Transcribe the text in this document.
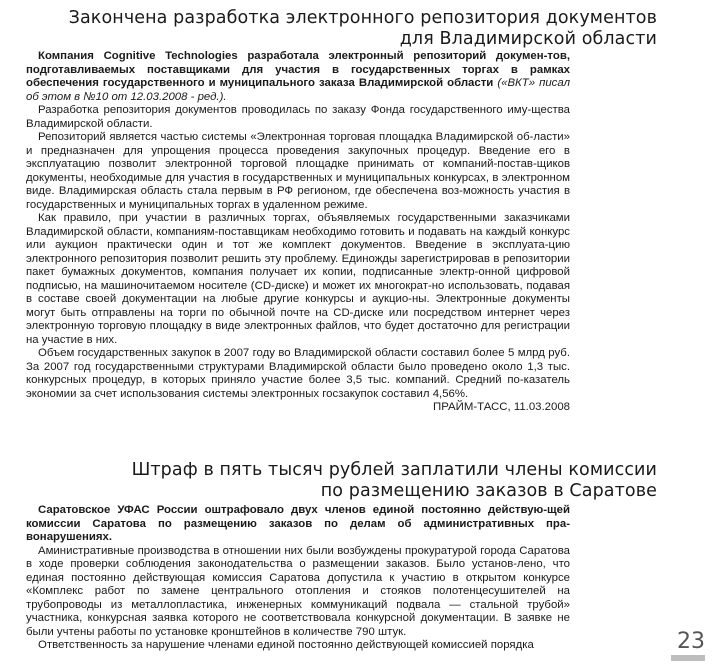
Закончена разработка электронного репозитория документов
для Владимирской области

Компания Cognitive Technologies разработала электронный репозиторий докумен-тов, подготавливаемых поставщиками для участия в государственных торгах в рамках обеспечения государственного и муниципального заказа Владимирской области («ВКТ» писал об этом в №10 от 12.03.2008 - ред.).

Разработка репозитория документов проводилась по заказу Фонда государственного иму-щества Владимирской области.

Репозиторий является частью системы «Электронная торговая площадка Владимирской об-ласти» и предназначен для упрощения процесса проведения закупочных процедур. Введение его в эксплуатацию позволит электронной торговой площадке принимать от компаний-постав-щиков документы, необходимые для участия в государственных и муниципальных конкурсах, в электронном виде. Владимирская область стала первым в РФ регионом, где обеспечена воз-можность участия в государственных и муниципальных торгах в удаленном режиме.

Как правило, при участии в различных торгах, объявляемых государственными заказчиками Владимирской области, компаниям-поставщикам необходимо готовить и подавать на каждый конкурс или аукцион практически один и тот же комплект документов. Введение в эксплуата-цию электронного репозитория позволит решить эту проблему. Единожды зарегистрировав в репозитории пакет бумажных документов, компания получает их копии, подписанные электр-онной цифровой подписью, на машиночитаемом носителе (CD-диске) и может их многократ-но использовать, подавая в составе своей документации на любые другие конкурсы и аукцио-ны. Электронные документы могут быть отправлены на торги по обычной почте на CD-диске или посредством интернет через электронную торговую площадку в виде электронных файлов, что будет достаточно для регистрации на участие в них.

Объем государственных закупок в 2007 году во Владимирской области составил более 5 млрд руб. За 2007 год государственными структурами Владимирской области было проведено около 1,3 тыс. конкурсных процедур, в которых приняло участие более 3,5 тыс. компаний. Средний по-казатель экономии за счет использования системы электронных госзакупок составил 4,56%.

ПРАЙМ-ТАСС, 11.03.2008

Штраф в пять тысяч рублей заплатили члены комиссии
по размещению заказов в Саратове

Саратовское УФАС России оштрафовало двух членов единой постоянно действую-щей комиссии Саратова по размещению заказов по делам об административных пра-вонарушениях.

Аминистративные производства в отношении них были возбуждены прокуратурой города Саратова в ходе проверки соблюдения законодательства о размещении заказов. Было установ-лено, что единая постоянно действующая комиссия Саратова допустила к участию в открытом конкурсе «Комплекс работ по замене центрального отопления и стояков полотенцесушителей на трубопроводы из металлопластика, инженерных коммуникаций подвала — стальной трубой» участника, конкурсная заявка которого не соответствовала конкурсной документации. В заявке не были учтены работы по установке кронштейнов в количестве 790 штук.

Ответственность за нарушение членами единой постоянно действующей комиссией порядка	23
